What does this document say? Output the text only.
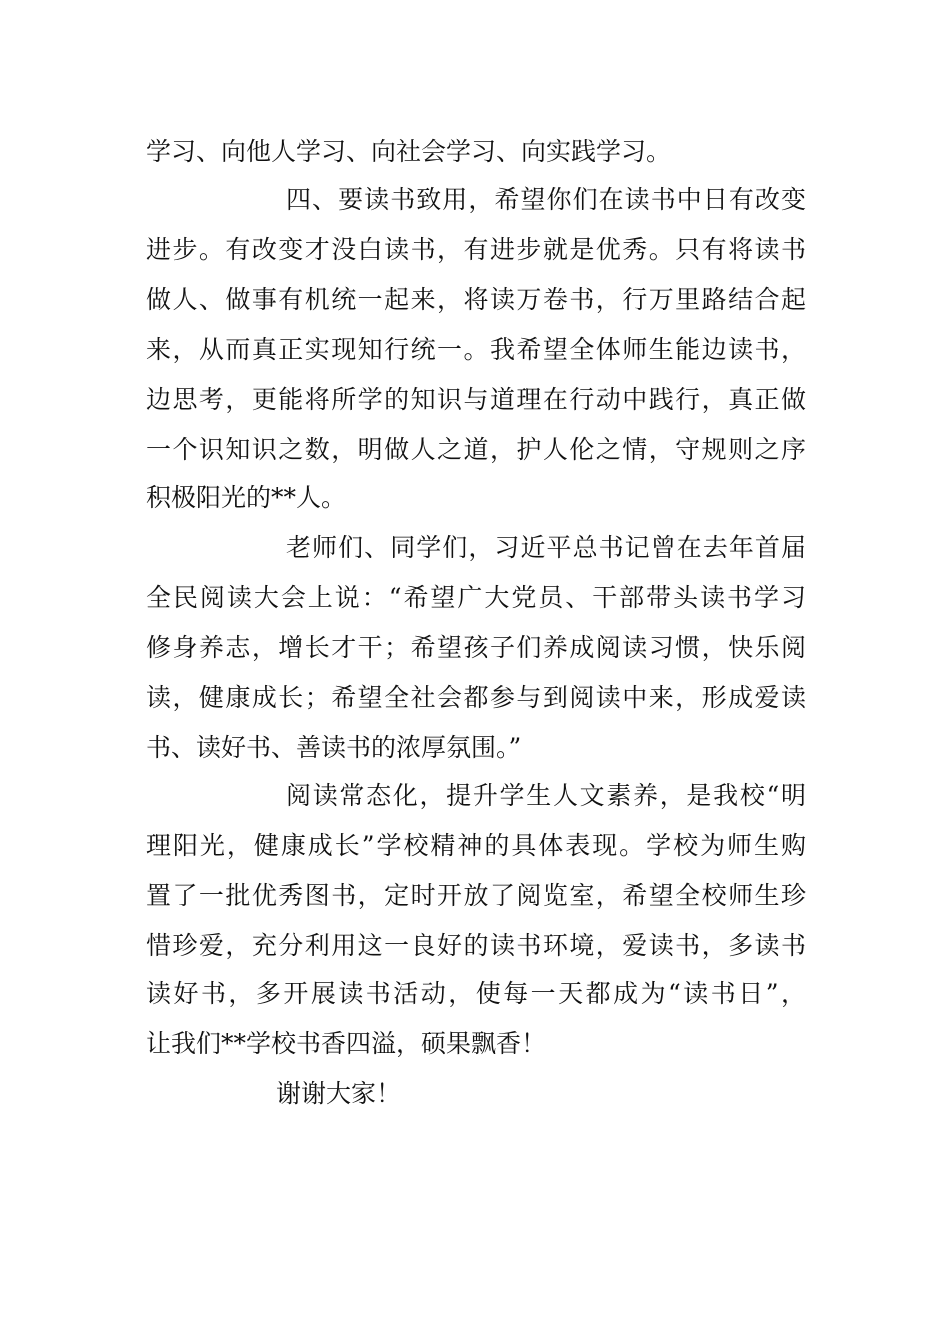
学习、向他人学习、向社会学习、向实践学习。
四、要读书致用，希望你们在读书中日有改变
进步。有改变才没白读书，有进步就是优秀。只有将读书
做人、做事有机统一起来，将读万卷书，行万里路结合起
来，从而真正实现知行统一。我希望全体师生能边读书，
边思考，更能将所学的知识与道理在行动中践行，真正做
一个识知识之数，明做人之道，护人伦之情，守规则之序
积极阳光的**人。
老师们、同学们，习近平总书记曾在去年首届
全民阅读大会上说：“希望广大党员、干部带头读书学习
修身养志，增长才干；希望孩子们养成阅读习惯，快乐阅
读，健康成长；希望全社会都参与到阅读中来，形成爱读
书、读好书、善读书的浓厚氛围。”
阅读常态化，提升学生人文素养，是我校“明
理阳光，健康成长”学校精神的具体表现。学校为师生购
置了一批优秀图书，定时开放了阅览室，希望全校师生珍
惜珍爱，充分利用这一良好的读书环境，爱读书，多读书
读好书，多开展读书活动，使每一天都成为“读书日”，
让我们**学校书香四溢，硕果飘香！
谢谢大家！
